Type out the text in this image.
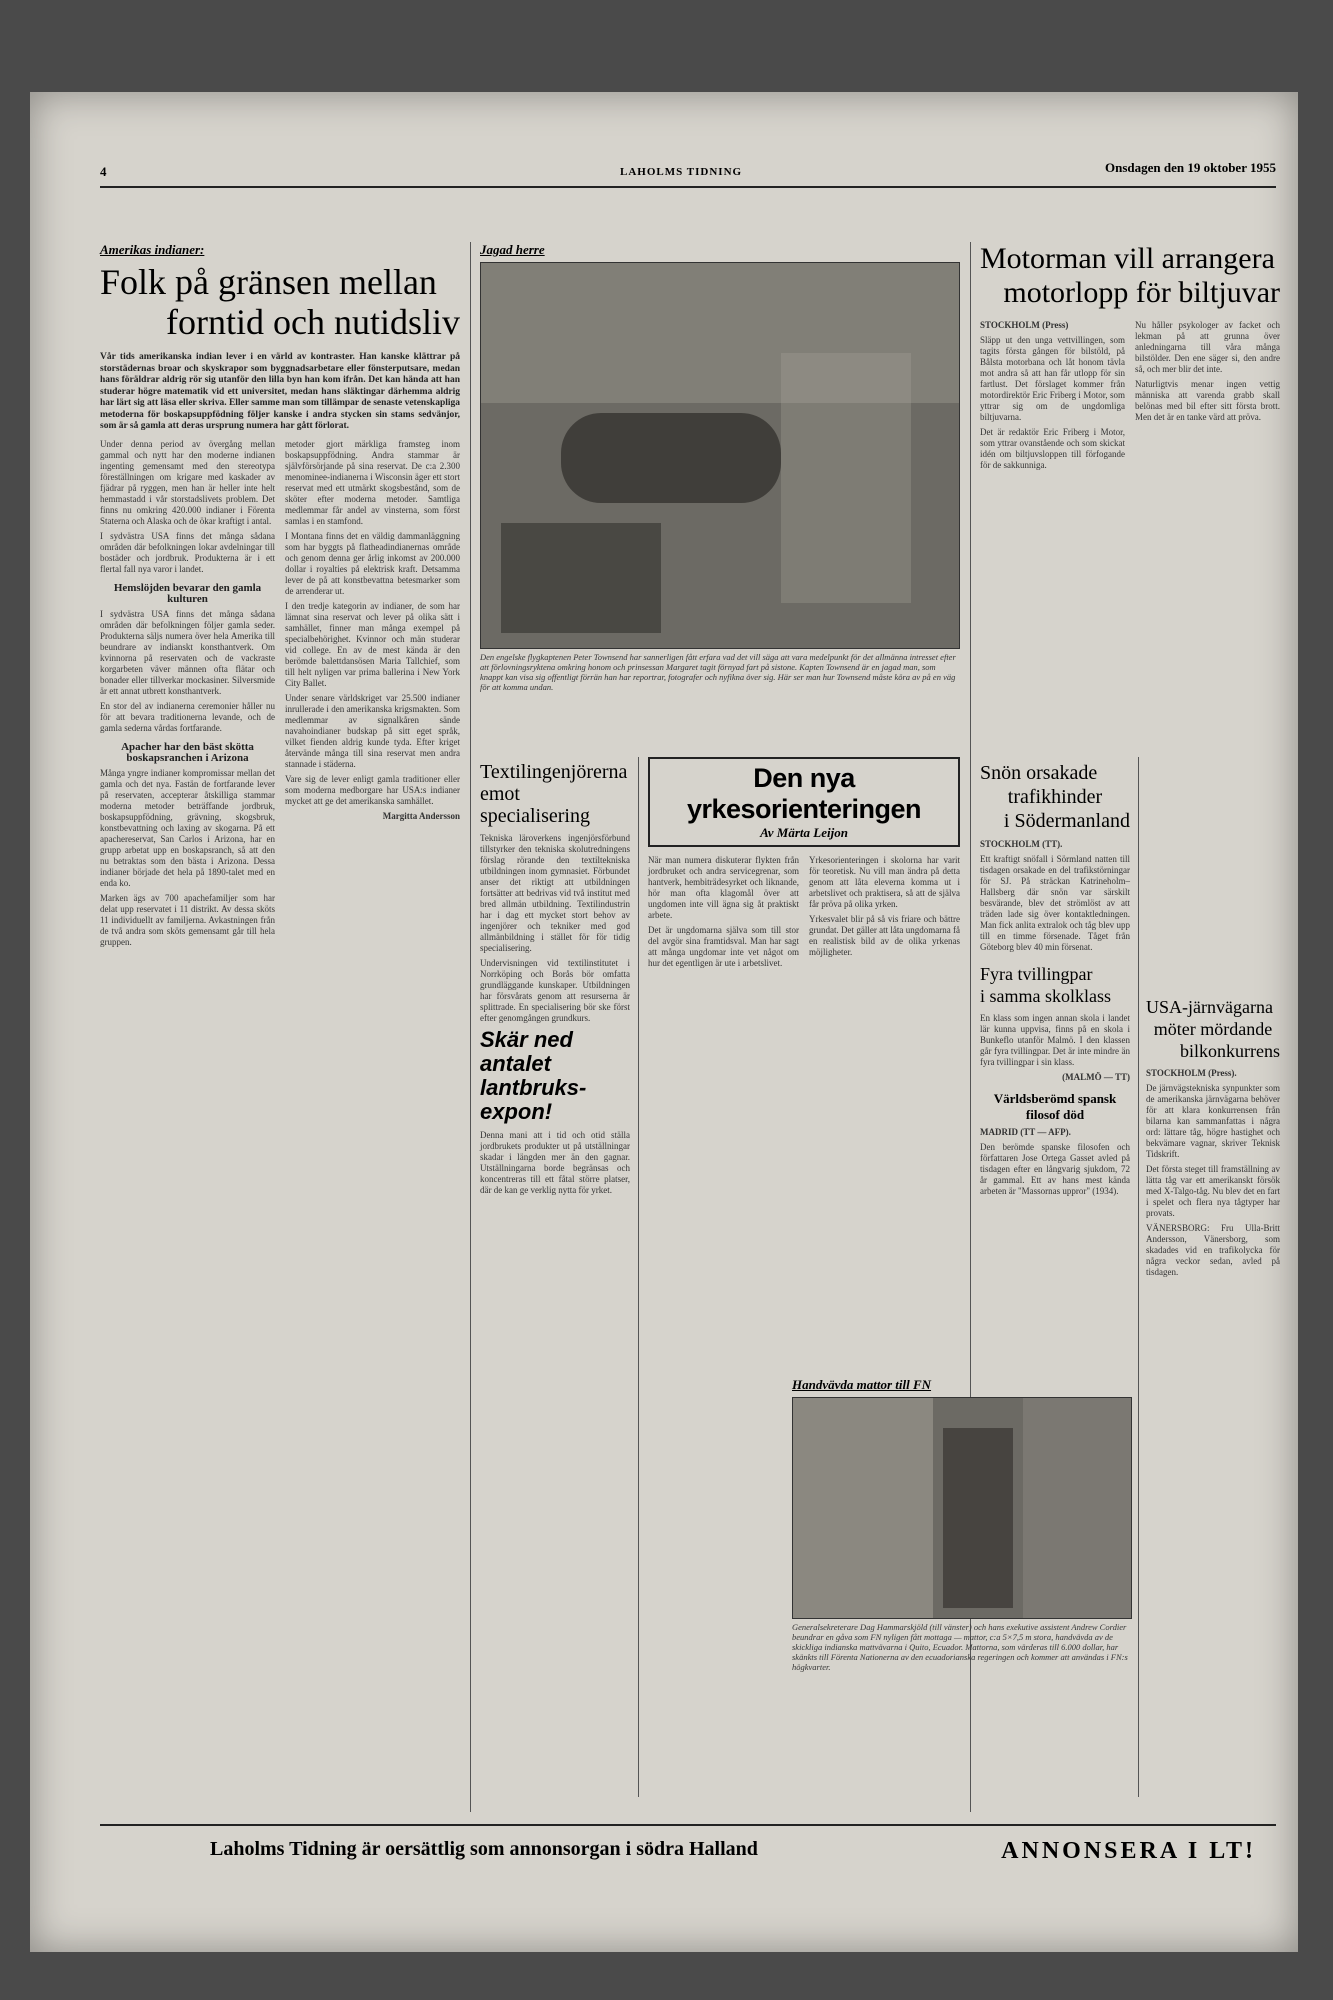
4	LAHOLMS TIDNING	Onsdagen den 19 oktober 1955
Amerikas indianer:
Folk på gränsen mellan
forntid och nutidsliv
Vår tids amerikanska indian lever i en värld av kontraster. Han kanske klättrar på storstädernas broar och skyskrapor som byggnadsarbetare eller fönsterputsare, medan hans föräldrar aldrig rör sig utanför den lilla byn han kom ifrån. Det kan hända att han studerar högre matematik vid ett universitet, medan hans släktingar därhemma aldrig har lärt sig att läsa eller skriva. Eller samme man som tillämpar de senaste vetenskapliga metoderna för boskapsuppfödning följer kanske i andra stycken sin stams sedvänjor, som är så gamla att deras ursprung numera har gått förlorat.

Under denna period av övergång mellan gammal och nytt har den moderne indianen ingenting gemensamt med den stereotypa föreställningen om krigare med kaskader av fjädrar på ryggen, men han är heller inte helt hemmastadd i vår storstadslivets problem. Det finns nu omkring 420.000 indianer i Förenta Staterna och Alaska och de ökar kraftigt i antal.

I sydvästra USA finns det många sådana områden där befolkningen lokar avdelningar till bostäder och jordbruk. Produkterna är i ett flertal fall nya varor i landet.

Hemslöjden bevarar den gamla kulturen

I sydvästra USA finns det många sådana områden där befolkningen följer gamla seder. Produkterna säljs numera över hela Amerika till beundrare av indianskt konsthantverk. Om kvinnorna på reservaten och de vackraste korgarbeten väver männen ofta flätar och bonader eller tillverkar mockasiner. Silversmide är ett annat utbrett konsthantverk.

En stor del av indianerna ceremonier håller nu för att bevara traditionerna levande, och de gamla sederna vårdas fortfarande.

Apacher har den bäst skötta boskapsranchen i Arizona

Många yngre indianer kompromissar mellan det gamla och det nya. Fastän de fortfarande lever på reservaten, accepterar åtskilliga stammar moderna metoder beträffande jordbruk, boskapsuppfödning, grävning, skogsbruk, konstbevattning och laxing av skogarna. På ett apachereservat, San Carlos i Arizona, har en grupp arbetat upp en boskapsranch, så att den nu betraktas som den bästa i Arizona. Dessa indianer började det hela på 1890-talet med en enda ko.

Marken ägs av 700 apachefamiljer som har delat upp reservatet i 11 distrikt. Av dessa sköts 11 individuellt av familjerna. Avkastningen från de två andra som sköts gemensamt går till hela gruppen.

metoder gjort märkliga framsteg inom boskapsuppfödning. Andra stammar är självförsörjande på sina reservat. De c:a 2.300 menominee-indianerna i Wisconsin äger ett stort reservat med ett utmärkt skogsbestånd, som de sköter efter moderna metoder. Samtliga medlemmar får andel av vinsterna, som först samlas i en stamfond.

I Montana finns det en väldig dammanläggning som har byggts på flatheadindianernas område och genom denna ger årlig inkomst av 200.000 dollar i royalties på elektrisk kraft. Detsamma lever de på att konstbevattna betesmarker som de arrenderar ut.

I den tredje kategorin av indianer, de som har lämnat sina reservat och lever på olika sätt i samhället, finner man många exempel på specialbehörighet. Kvinnor och män studerar vid college. En av de mest kända är den berömde balettdansösen Maria Tallchief, som till helt nyligen var prima ballerina i New York City Ballet.

Under senare världskriget var 25.500 indianer inrullerade i den amerikanska krigsmakten. Som medlemmar av signalkåren sände navahoindianer budskap på sitt eget språk, vilket fienden aldrig kunde tyda. Efter kriget återvände många till sina reservat men andra stannade i städerna.

Vare sig de lever enligt gamla traditioner eller som moderna medborgare har USA:s indianer mycket att ge det amerikanska samhället.

Margitta Andersson

Jagad herre
Den engelske flygkaptenen Peter Townsend har sannerligen fått erfara vad det vill säga att vara medelpunkt för det allmänna intresset efter att förlovningsryktena omkring honom och prinsessan Margaret tagit förnyad fart på sistone. Kapten Townsend är en jagad man, som knappt kan visa sig offentligt förrän han har reportrar, fotografer och nyfikna över sig. Här ser man hur Townsend måste köra av på en väg för att komma undan.
Textilingenjörerna emot specialisering

Tekniska läroverkens ingenjörsförbund tillstyrker den tekniska skolutredningens förslag rörande den textiltekniska utbildningen inom gymnasiet. Förbundet anser det riktigt att utbildningen fortsätter att bedrivas vid två institut med bred allmän utbildning. Textilindustrin har i dag ett mycket stort behov av ingenjörer och tekniker med god allmänbildning i stället för för tidig specialisering.

Undervisningen vid textilinstitutet i Norrköping och Borås bör omfatta grundläggande kunskaper. Utbildningen har försvårats genom att resurserna är splittrade. En specialisering bör ske först efter genomgången grundkurs.

Skär ned antalet lantbruks-expon!

Denna mani att i tid och otid ställa jordbrukets produkter ut på utställningar skadar i längden mer än den gagnar. Utställningarna borde begränsas och koncentreras till ett fåtal större platser, där de kan ge verklig nytta för yrket.

Den nya yrkesorienteringen
Av Märta Leijon

När man numera diskuterar flykten från jordbruket och andra servicegrenar, som hantverk, hembiträdesyrket och liknande, hör man ofta klagomål över att ungdomen inte vill ägna sig åt praktiskt arbete.

Det är ungdomarna själva som till stor del avgör sina framtidsval. Man har sagt att många ungdomar inte vet något om hur det egentligen är ute i arbetslivet.

Yrkesorienteringen i skolorna har varit för teoretisk. Nu vill man ändra på detta genom att låta eleverna komma ut i arbetslivet och praktisera, så att de själva får pröva på olika yrken.

Yrkesvalet blir på så vis friare och bättre grundat. Det gäller att låta ungdomarna få en realistisk bild av de olika yrkenas möjligheter.

Motorman vill arrangera
motorlopp för biltjuvar

STOCKHOLM (Press)

Släpp ut den unga vettvillingen, som tagits första gången för bilstöld, på Bålsta motorbana och låt honom tävla mot andra så att han får utlopp för sin fartlust. Det förslaget kommer från motordirektör Eric Friberg i Motor, som yttrar sig om de ungdomliga biltjuvarna.

Det är redaktör Eric Friberg i Motor, som yttrar ovanstående och som skickat idén om biltjuvsloppen till förfogande för de sakkunniga.

Nu håller psykologer av facket och lekman på att grunna över anledningarna till våra många bilstölder. Den ene säger si, den andre så, och mer blir det inte.

Naturligtvis menar ingen vettig människa att varenda grabb skall belönas med bil efter sitt första brott. Men det är en tanke värd att pröva.

Snön orsakade
trafikhinder
i Södermanland

STOCKHOLM (TT).

Ett kraftigt snöfall i Sörmland natten till tisdagen orsakade en del trafikstörningar för SJ. På sträckan Katrineholm–Hallsberg där snön var särskilt besvärande, blev det strömlöst av att träden lade sig över kontaktledningen. Man fick anlita extralok och tåg blev upp till en timme försenade. Tåget från Göteborg blev 40 min försenat.

Fyra tvillingpar
i samma skolklass

En klass som ingen annan skola i landet lär kunna uppvisa, finns på en skola i Bunkeflo utanför Malmö. I den klassen går fyra tvillingpar. Det är inte mindre än fyra tvillingpar i sin klass.

(MALMÖ — TT)

Världsberömd spansk
filosof död

MADRID (TT — AFP).

Den berömde spanske filosofen och författaren Jose Ortega Gasset avled på tisdagen efter en långvarig sjukdom, 72 år gammal. Ett av hans mest kända arbeten är "Massornas uppror" (1934).

USA-järnvägarna
möter mördande
bilkonkurrens

STOCKHOLM (Press).

De järnvägstekniska synpunkter som de amerikanska järnvägarna behöver för att klara konkurrensen från bilarna kan sammanfattas i några ord: lättare tåg, högre hastighet och bekvämare vagnar, skriver Teknisk Tidskrift.

Det första steget till framställning av lätta tåg var ett amerikanskt försök med X-Talgo-tåg. Nu blev det en fart i spelet och flera nya tågtyper har provats.

VÄNERSBORG: Fru Ulla-Britt Andersson, Vänersborg, som skadades vid en trafikolycka för några veckor sedan, avled på tisdagen.

Handvävda mattor till FN
Generalsekreterare Dag Hammarskjöld (till vänster) och hans exekutive assistent Andrew Cordier beundrar en gåva som FN nyligen fått mottaga — mattor, c:a 5×7,5 m stora, handvävda av de skickliga indianska mattvävarna i Quito, Ecuador. Mattorna, som värderas till 6.000 dollar, har skänkts till Förenta Nationerna av den ecuadorianska regeringen och kommer att användas i FN:s högkvarter.
Laholms Tidning är oersättlig som annonsorgan i södra Halland	ANNONSERA I LT!
